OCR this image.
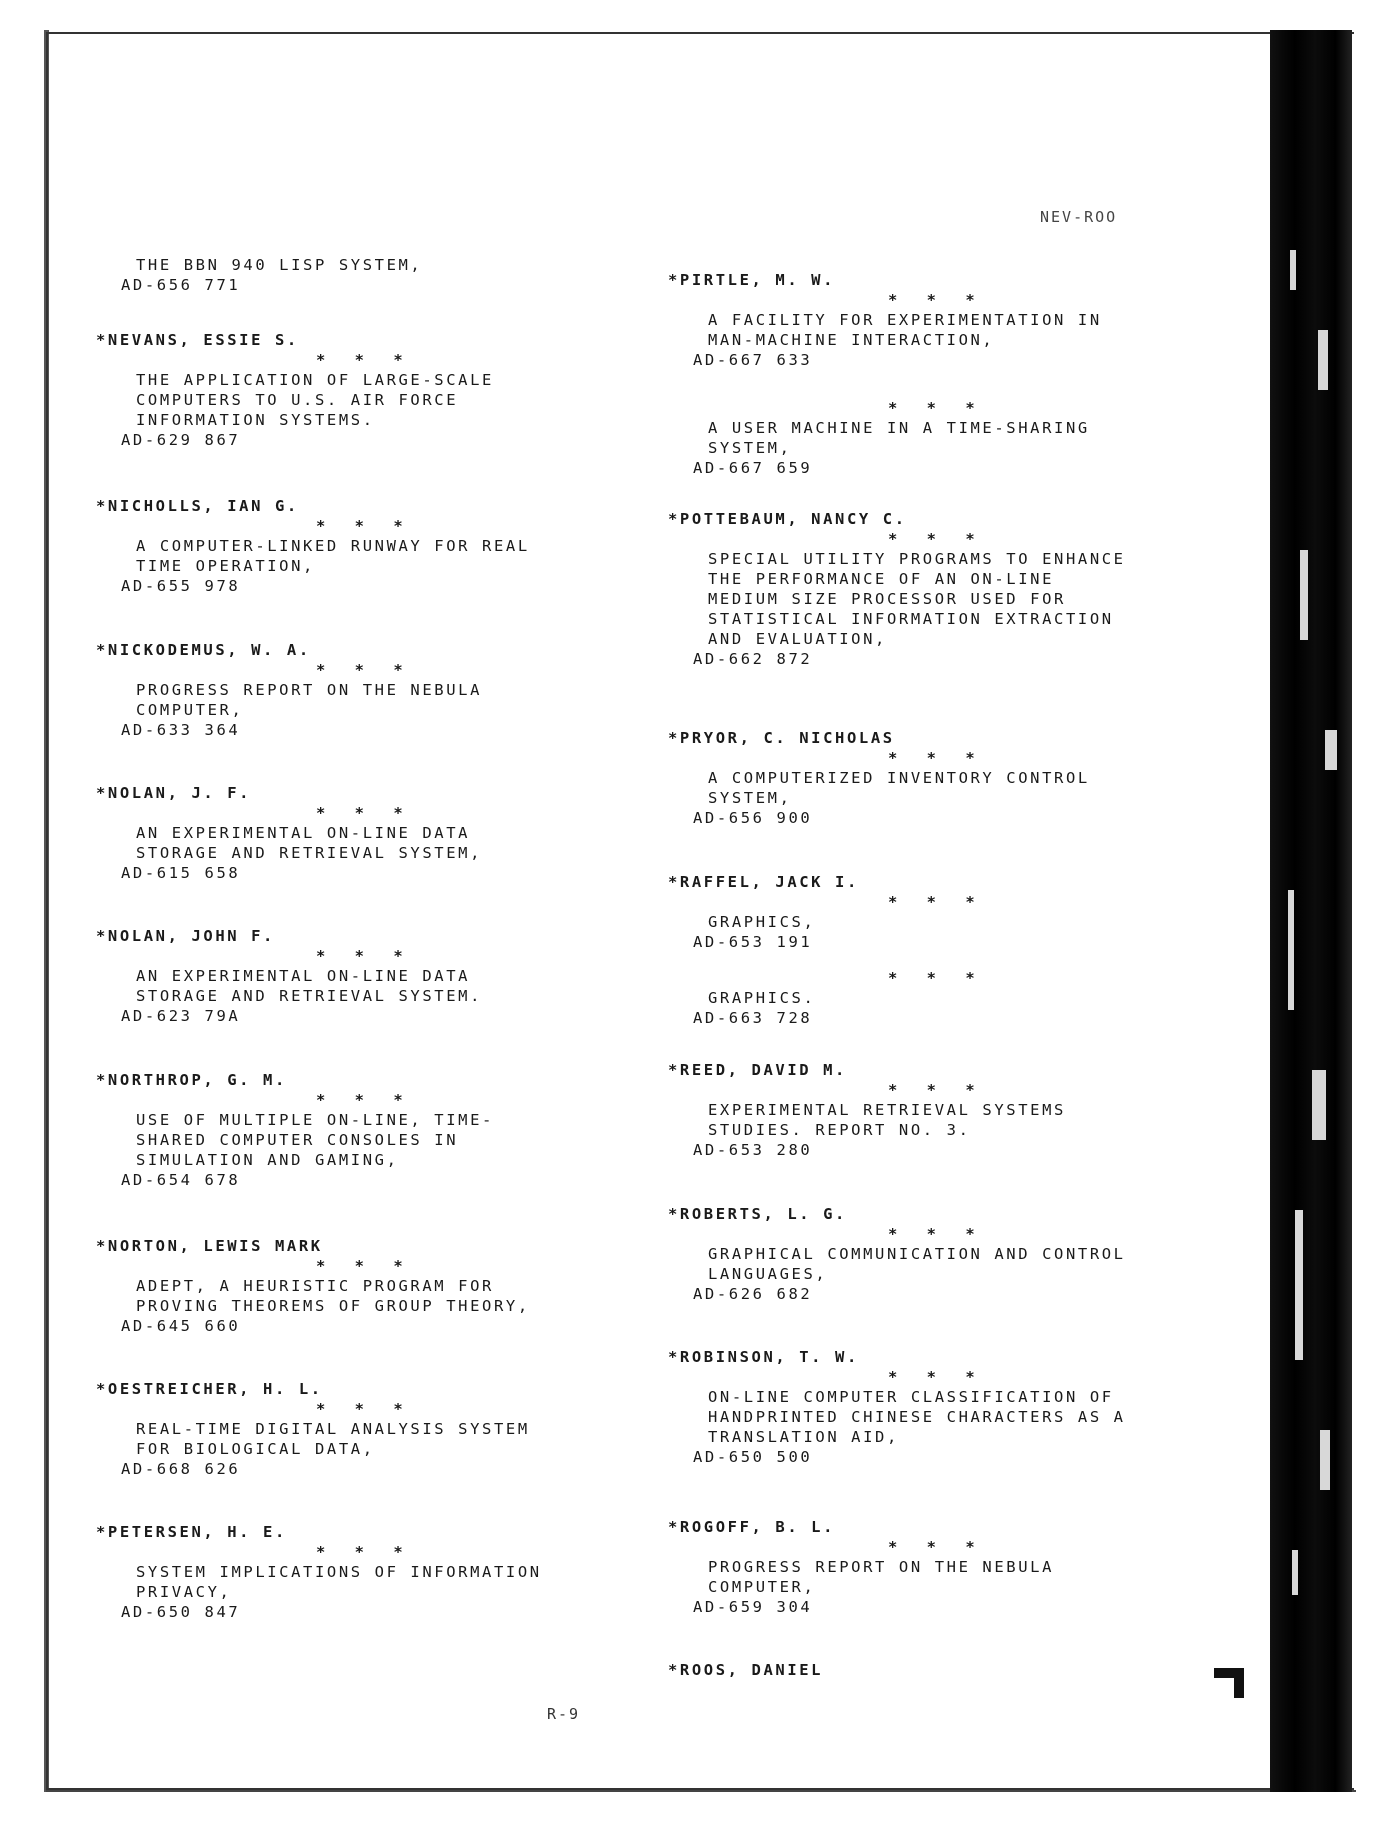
NEV-ROO
THE BBN 940 LISP SYSTEM,
AD-656 771
*NEVANS, ESSIE S.
* * *
THE APPLICATION OF LARGE-SCALE
COMPUTERS TO U.S. AIR FORCE
INFORMATION SYSTEMS.
AD-629 867
*NICHOLLS, IAN G.
* * *
A COMPUTER-LINKED RUNWAY FOR REAL
TIME OPERATION,
AD-655 978
*NICKODEMUS, W. A.
* * *
PROGRESS REPORT ON THE NEBULA
COMPUTER,
AD-633 364
*NOLAN, J. F.
* * *
AN EXPERIMENTAL ON-LINE DATA
STORAGE AND RETRIEVAL SYSTEM,
AD-615 658
*NOLAN, JOHN F.
* * *
AN EXPERIMENTAL ON-LINE DATA
STORAGE AND RETRIEVAL SYSTEM.
AD-623 79A
*NORTHROP, G. M.
* * *
USE OF MULTIPLE ON-LINE, TIME-
SHARED COMPUTER CONSOLES IN
SIMULATION AND GAMING,
AD-654 678
*NORTON, LEWIS MARK
* * *
ADEPT, A HEURISTIC PROGRAM FOR
PROVING THEOREMS OF GROUP THEORY,
AD-645 660
*OESTREICHER, H. L.
* * *
REAL-TIME DIGITAL ANALYSIS SYSTEM
FOR BIOLOGICAL DATA,
AD-668 626
*PETERSEN, H. E.
* * *
SYSTEM IMPLICATIONS OF INFORMATION
PRIVACY,
AD-650 847
*PIRTLE, M. W.
* * *
A FACILITY FOR EXPERIMENTATION IN
MAN-MACHINE INTERACTION,
AD-667 633
* * *
A USER MACHINE IN A TIME-SHARING
SYSTEM,
AD-667 659
*POTTEBAUM, NANCY C.
* * *
SPECIAL UTILITY PROGRAMS TO ENHANCE
THE PERFORMANCE OF AN ON-LINE
MEDIUM SIZE PROCESSOR USED FOR
STATISTICAL INFORMATION EXTRACTION
AND EVALUATION,
AD-662 872
*PRYOR, C. NICHOLAS
* * *
A COMPUTERIZED INVENTORY CONTROL
SYSTEM,
AD-656 900
*RAFFEL, JACK I.
* * *
GRAPHICS,
AD-653 191
* * *
GRAPHICS.
AD-663 728
*REED, DAVID M.
* * *
EXPERIMENTAL RETRIEVAL SYSTEMS
STUDIES. REPORT NO. 3.
AD-653 280
*ROBERTS, L. G.
* * *
GRAPHICAL COMMUNICATION AND CONTROL
LANGUAGES,
AD-626 682
*ROBINSON, T. W.
* * *
ON-LINE COMPUTER CLASSIFICATION OF
HANDPRINTED CHINESE CHARACTERS AS A
TRANSLATION AID,
AD-650 500
*ROGOFF, B. L.
* * *
PROGRESS REPORT ON THE NEBULA
COMPUTER,
AD-659 304
*ROOS, DANIEL
R-9
